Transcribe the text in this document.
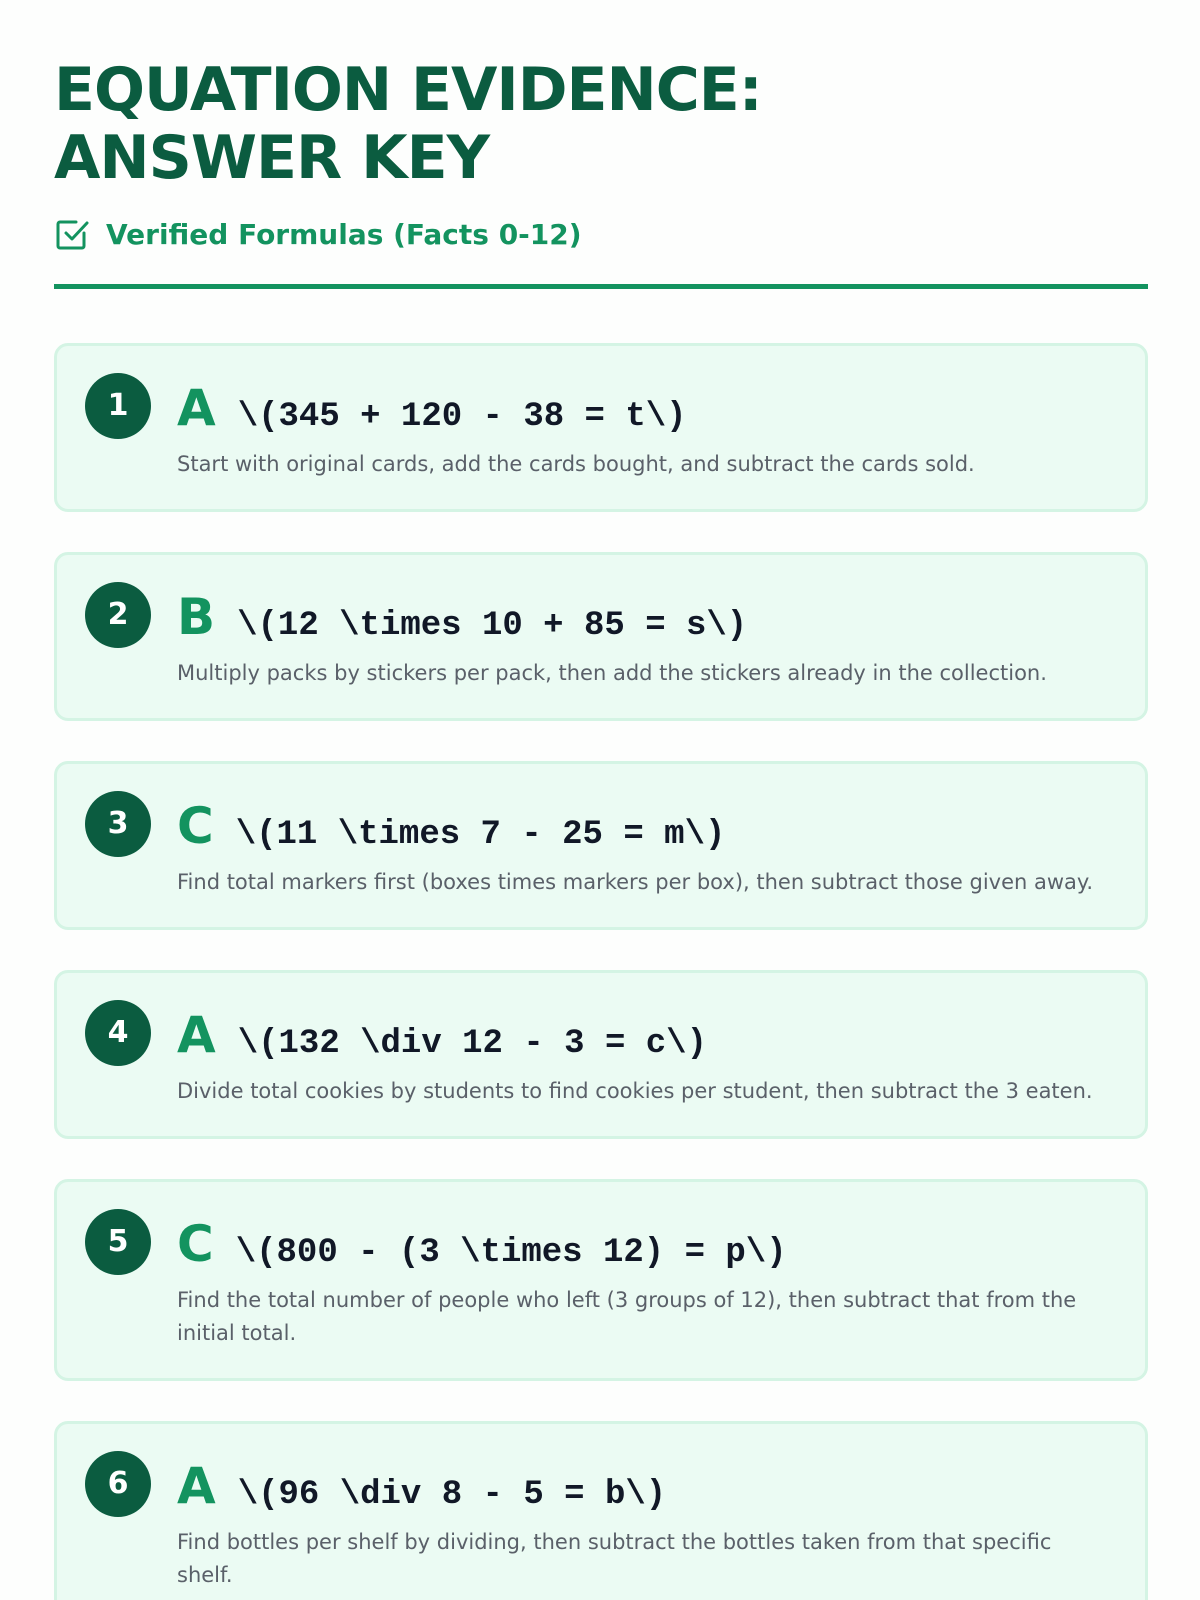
EQUATION EVIDENCE: ANSWER KEY
Verified Formulas (Facts 0-12)
1 A \(345 + 120 - 38 = t\)

Start with original cards, add the cards bought, and subtract the cards sold.

2 B \(12 \times 10 + 85 = s\)

Multiply packs by stickers per pack, then add the stickers already in the collection.

3 C \(11 \times 7 - 25 = m\)

Find total markers first (boxes times markers per box), then subtract those given away.

4 A \(132 \div 12 - 3 = c\)

Divide total cookies by students to find cookies per student, then subtract the 3 eaten.

5 C \(800 - (3 \times 12) = p\)

Find the total number of people who left (3 groups of 12), then subtract that from the initial total.

6 A \(96 \div 8 - 5 = b\)

Find bottles per shelf by dividing, then subtract the bottles taken from that specific shelf.
